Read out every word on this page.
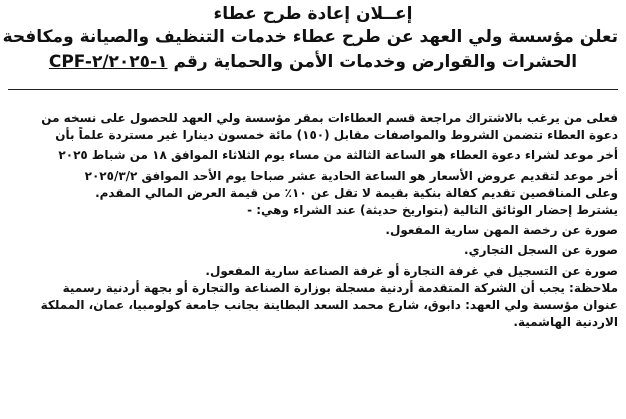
إعــلان إعادة طرح عطاء
تعلن مؤسسة ولي العهد عن طرح عطاء خدمات التنظيف والصيانة ومكافحة
الحشرات والقوارض وخدمات الأمن والحماية رقم CPF-١-٢/٢٠٢٥
فعلى من يرغب بالاشتراك مراجعة قسم العطاءات بمقر مؤسسة ولي العهد للحصول على نسخه من
دعوة العطاء تتضمن الشروط والمواصفات مقابل (١٥٠) مائة خمسون دينارا غير مستردة علماً بأن
أخر موعد لشراء دعوة العطاء هو الساعة الثالثة من مساء يوم الثلاثاء الموافق ١٨ من شباط ٢٠٢٥
أخر موعد لتقديم عروض الأسعار هو الساعة الحادية عشر صباحا يوم الأحد الموافق ٢٠٢٥/٣/٢
وعلى المناقصين تقديم كفالة بنكية بقيمة لا تقل عن ١٠٪ من قيمة العرض المالي المقدم.
يشترط إحضار الوثائق التالية (بتواريخ حديثة) عند الشراء وهي: -
صورة عن رخصة المهن سارية المفعول.
صورة عن السجل التجاري.
صورة عن التسجيل في غرفة التجارة أو غرفة الصناعة سارية المفعول.
ملاحظة: يجب أن الشركة المتقدمة أردنية مسجلة بوزارة الصناعة والتجارة أو بجهة أردنية رسمية
عنوان مؤسسة ولي العهد: دابوق، شارع محمد السعد البطاينة بجانب جامعة كولومبيا، عمان، المملكة
الاردنية الهاشمية.
